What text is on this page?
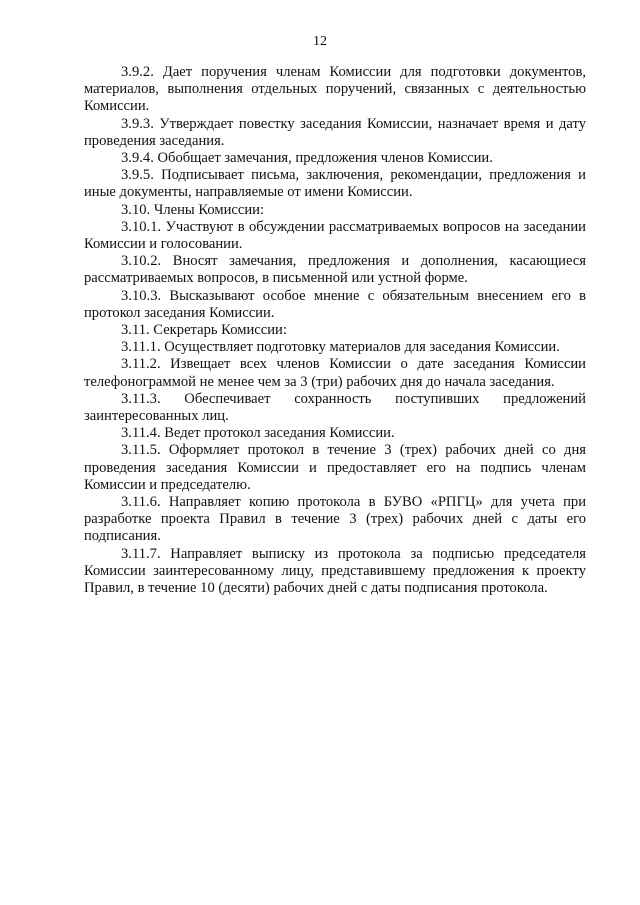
12

3.9.2. Дает поручения членам Комиссии для подготовки документов, материалов, выполнения отдельных поручений, связанных с деятельностью Комиссии.

3.9.3. Утверждает повестку заседания Комиссии, назначает время и дату проведения заседания.

3.9.4. Обобщает замечания, предложения членов Комиссии.

3.9.5. Подписывает письма, заключения, рекомендации, предложения и иные документы, направляемые от имени Комиссии.

3.10. Члены Комиссии:

3.10.1. Участвуют в обсуждении рассматриваемых вопросов на заседании Комиссии и голосовании.

3.10.2. Вносят замечания, предложения и дополнения, касающиеся рассматриваемых вопросов, в письменной или устной форме.

3.10.3. Высказывают особое мнение с обязательным внесением его в протокол заседания Комиссии.

3.11. Секретарь Комиссии:

3.11.1. Осуществляет подготовку материалов для заседания Комиссии.

3.11.2. Извещает всех членов Комиссии о дате заседания Комиссии телефонограммой не менее чем за 3 (три) рабочих дня до начала заседания.

3.11.3. Обеспечивает сохранность поступивших предложений заинтересованных лиц.

3.11.4. Ведет протокол заседания Комиссии.

3.11.5. Оформляет протокол в течение 3 (трех) рабочих дней со дня проведения заседания Комиссии и предоставляет его на подпись членам Комиссии и председателю.

3.11.6. Направляет копию протокола в БУВО «РПГЦ» для учета при разработке проекта Правил в течение 3 (трех) рабочих дней с даты его подписания.

3.11.7. Направляет выписку из протокола за подписью председателя Комиссии заинтересованному лицу, представившему предложения к проекту Правил, в течение 10 (десяти) рабочих дней с даты подписания протокола.
